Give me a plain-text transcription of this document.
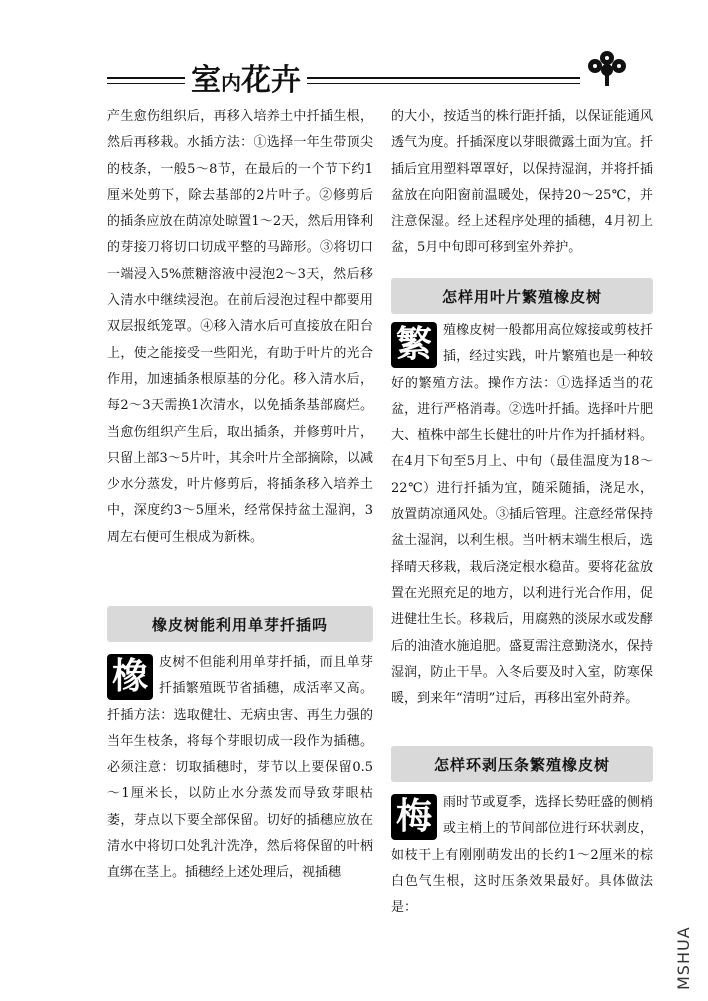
室内花卉

产生愈伤组织后，再移入培养土中扦插生根，然后再移栽。水插方法：①选择一年生带顶尖的枝条，一般5～8节，在最后的一个节下约1厘米处剪下，除去基部的2片叶子。②修剪后的插条应放在荫凉处晾置1～2天，然后用锋利的芽接刀将切口切成平整的马蹄形。③将切口一端浸入5%蔗糖溶液中浸泡2～3天，然后移入清水中继续浸泡。在前后浸泡过程中都要用双层报纸笼罩。④移入清水后可直接放在阳台上，使之能接受一些阳光，有助于叶片的光合作用，加速插条根原基的分化。移入清水后，每2～3天需换1次清水，以免插条基部腐烂。当愈伤组织产生后，取出插条，并修剪叶片，只留上部3～5片叶，其余叶片全部摘除，以减少水分蒸发，叶片修剪后，将插条移入培养土中，深度约3～5厘米，经常保持盆土湿润，3周左右便可生根成为新株。

的大小，按适当的株行距扦插，以保证能通风透气为度。扦插深度以芽眼微露土面为宜。扦插后宜用塑料罩罩好，以保持湿润，并将扦插盆放在向阳窗前温暖处，保持20～25℃，并注意保湿。经上述程序处理的插穗，4月初上盆，5月中旬即可移到室外养护。

怎样用叶片繁殖橡皮树
繁 殖橡皮树一般都用高位嫁接或剪枝扦插，经过实践，叶片繁殖也是一种较好的繁殖方法。操作方法：①选择适当的花盆，进行严格消毒。②选叶扦插。选择叶片肥大、植株中部生长健壮的叶片作为扦插材料。在4月下旬至5月上、中旬（最佳温度为18～22℃）进行扦插为宜，随采随插，浇足水，放置荫凉通风处。③插后管理。注意经常保持盆土湿润，以利生根。当叶柄末端生根后，选择晴天移栽，栽后浇定根水稳苗。要将花盆放置在光照充足的地方，以利进行光合作用，促进健壮生长。移栽后，用腐熟的淡尿水或发酵后的油渣水施追肥。盛夏需注意勤浇水，保持湿润，防止干旱。入冬后要及时入室，防寒保暖，到来年“清明”过后，再移出室外莳养。

橡皮树能利用单芽扦插吗
橡 皮树不但能利用单芽扦插，而且单芽扦插繁殖既节省插穗，成活率又高。扦插方法：选取健壮、无病虫害、再生力强的当年生枝条，将每个芽眼切成一段作为插穗。必须注意：切取插穗时，芽节以上要保留0.5～1厘米长，以防止水分蒸发而导致芽眼枯萎，芽点以下要全部保留。切好的插穗应放在清水中将切口处乳汁洗净，然后将保留的叶柄直绑在茎上。插穗经上述处理后，视插穗

怎样环剥压条繁殖橡皮树
梅 雨时节或夏季，选择长势旺盛的侧梢或主梢上的节间部位进行环状剥皮，如枝干上有刚刚萌发出的长约1～2厘米的棕白色气生根，这时压条效果最好。具体做法是：

MSHUA
